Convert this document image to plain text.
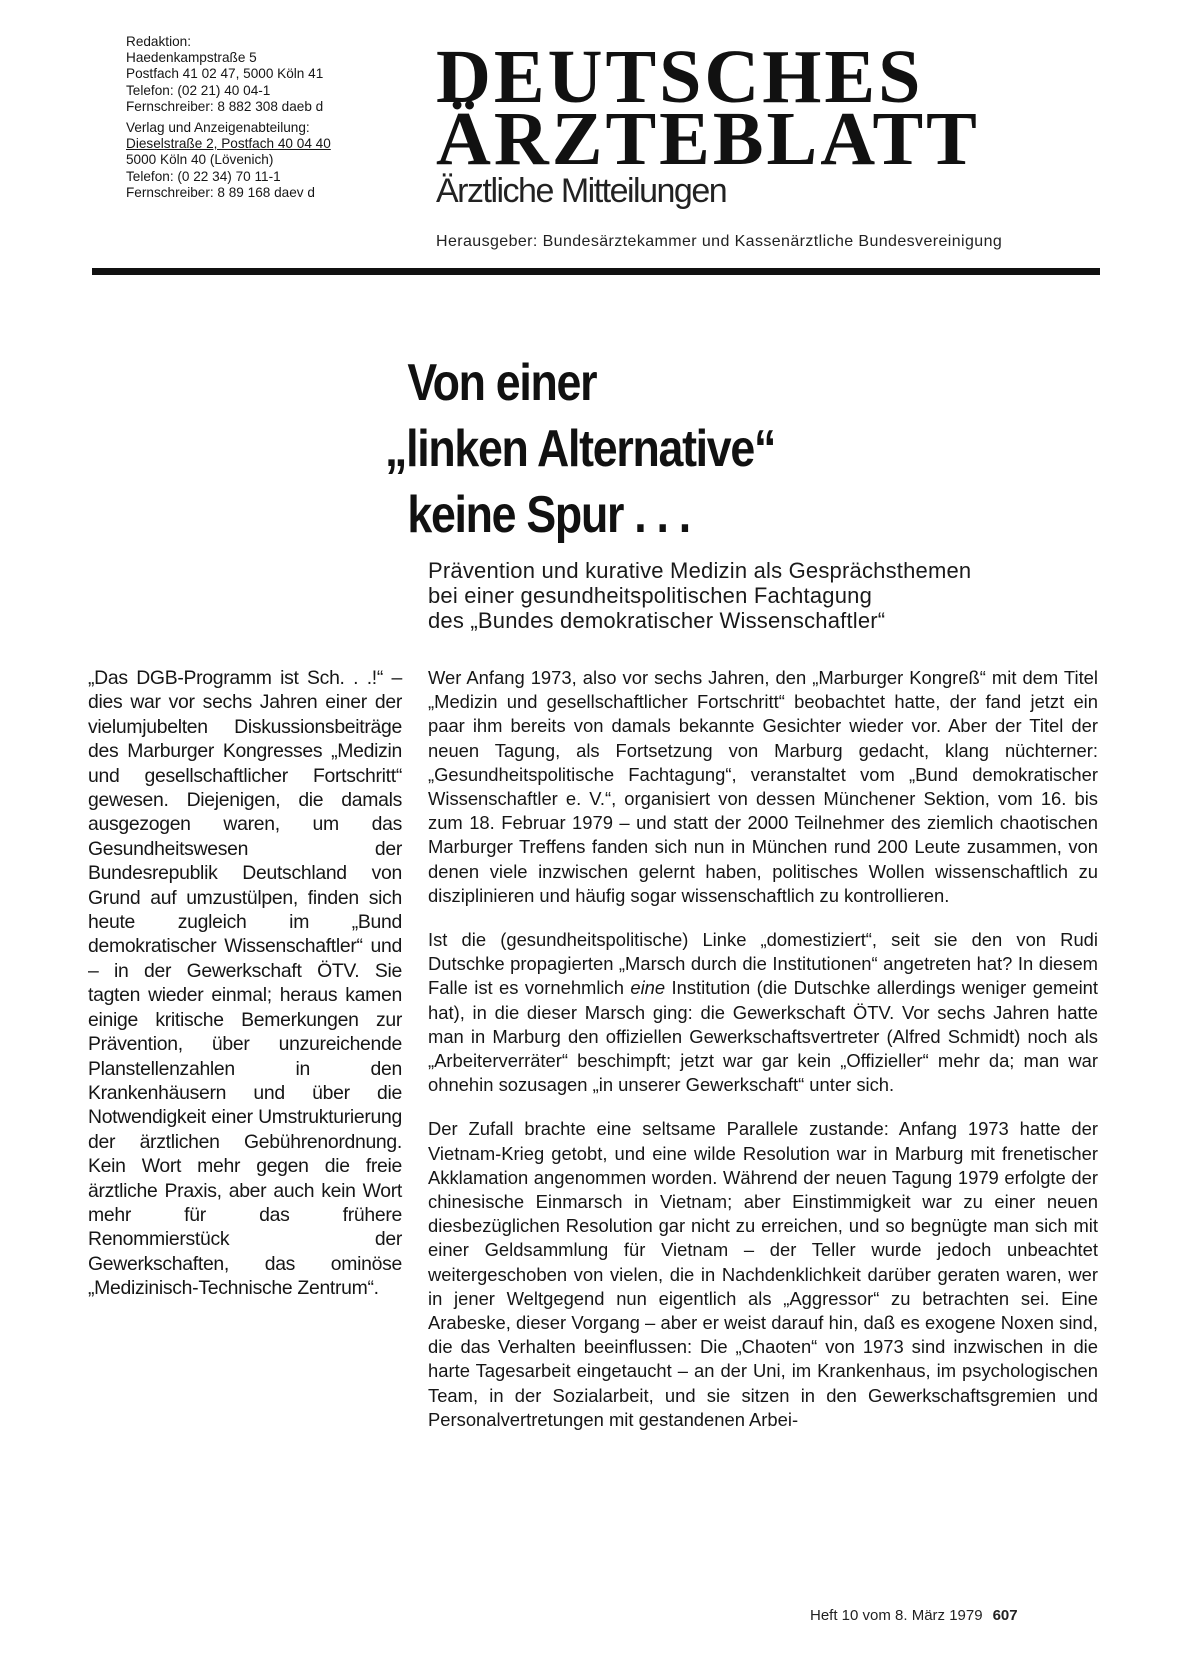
Redaktion:
Haedenkampstraße 5
Postfach 41 02 47, 5000 Köln 41
Telefon: (02 21) 40 04-1
Fernschreiber: 8 882 308 daeb d
Verlag und Anzeigenabteilung:
Dieselstraße 2, Postfach 40 04 40
5000 Köln 40 (Lövenich)
Telefon: (0 22 34) 70 11-1
Fernschreiber: 8 89 168 daev d
DEUTSCHES
ÄRZTEBLATT
Ärztliche Mitteilungen
Herausgeber: Bundesärztekammer und Kassenärztliche Bundesvereinigung
Von einer
„linken Alternative“
keine Spur . . .
Prävention und kurative Medizin als Gesprächsthemen
bei einer gesundheitspolitischen Fachtagung
des „Bundes demokratischer Wissenschaftler“
„Das DGB-Programm ist Sch. . .!“ – dies war vor sechs Jahren einer der vielumjubelten Diskussionsbeiträge des Marburger Kongresses „Medizin und gesellschaftlicher Fortschritt“ gewesen. Diejenigen, die damals ausgezogen waren, um das Gesundheitswesen der Bundesrepublik Deutschland von Grund auf umzustülpen, finden sich heute zugleich im „Bund demokratischer Wissenschaftler“ und – in der Gewerkschaft ÖTV. Sie tagten wieder einmal; heraus kamen einige kritische Bemerkungen zur Prävention, über unzureichende Planstellenzahlen in den Krankenhäusern und über die Notwendigkeit einer Umstrukturierung der ärztlichen Gebührenordnung. Kein Wort mehr gegen die freie ärztliche Praxis, aber auch kein Wort mehr für das frühere Renommierstück der Gewerkschaften, das ominöse „Medizinisch-Technische Zentrum“.

Wer Anfang 1973, also vor sechs Jahren, den „Marburger Kongreß“ mit dem Titel „Medizin und gesellschaftlicher Fortschritt“ beobachtet hatte, der fand jetzt ein paar ihm bereits von damals bekannte Gesichter wieder vor. Aber der Titel der neuen Tagung, als Fortsetzung von Marburg gedacht, klang nüchterner: „Gesundheitspolitische Fachtagung“, veranstaltet vom „Bund demokratischer Wissenschaftler e. V.“, organisiert von dessen Münchener Sektion, vom 16. bis zum 18. Februar 1979 – und statt der 2000 Teilnehmer des ziemlich chaotischen Marburger Treffens fanden sich nun in München rund 200 Leute zusammen, von denen viele inzwischen gelernt haben, politisches Wollen wissenschaftlich zu disziplinieren und häufig sogar wissenschaftlich zu kontrollieren.

Ist die (gesundheitspolitische) Linke „domestiziert“, seit sie den von Rudi Dutschke propagierten „Marsch durch die Institutionen“ angetreten hat? In diesem Falle ist es vornehmlich eine Institution (die Dutschke allerdings weniger gemeint hat), in die dieser Marsch ging: die Gewerkschaft ÖTV. Vor sechs Jahren hatte man in Marburg den offiziellen Gewerkschaftsvertreter (Alfred Schmidt) noch als „Arbeiterverräter“ beschimpft; jetzt war gar kein „Offizieller“ mehr da; man war ohnehin sozusagen „in unserer Gewerkschaft“ unter sich.

Der Zufall brachte eine seltsame Parallele zustande: Anfang 1973 hatte der Vietnam-Krieg getobt, und eine wilde Resolution war in Marburg mit frenetischer Akklamation angenommen worden. Während der neuen Tagung 1979 erfolgte der chinesische Einmarsch in Vietnam; aber Einstimmigkeit war zu einer neuen diesbezüglichen Resolution gar nicht zu erreichen, und so begnügte man sich mit einer Geldsammlung für Vietnam – der Teller wurde jedoch unbeachtet weitergeschoben von vielen, die in Nachdenklichkeit darüber geraten waren, wer in jener Weltgegend nun eigentlich als „Aggressor“ zu betrachten sei. Eine Arabeske, dieser Vorgang – aber er weist darauf hin, daß es exogene Noxen sind, die das Verhalten beeinflussen: Die „Chaoten“ von 1973 sind inzwischen in die harte Tagesarbeit eingetaucht – an der Uni, im Krankenhaus, im psychologischen Team, in der Sozialarbeit, und sie sitzen in den Gewerkschaftsgremien und Personalvertretungen mit gestandenen Arbei-

Heft 10 vom 8. März 1979 607
